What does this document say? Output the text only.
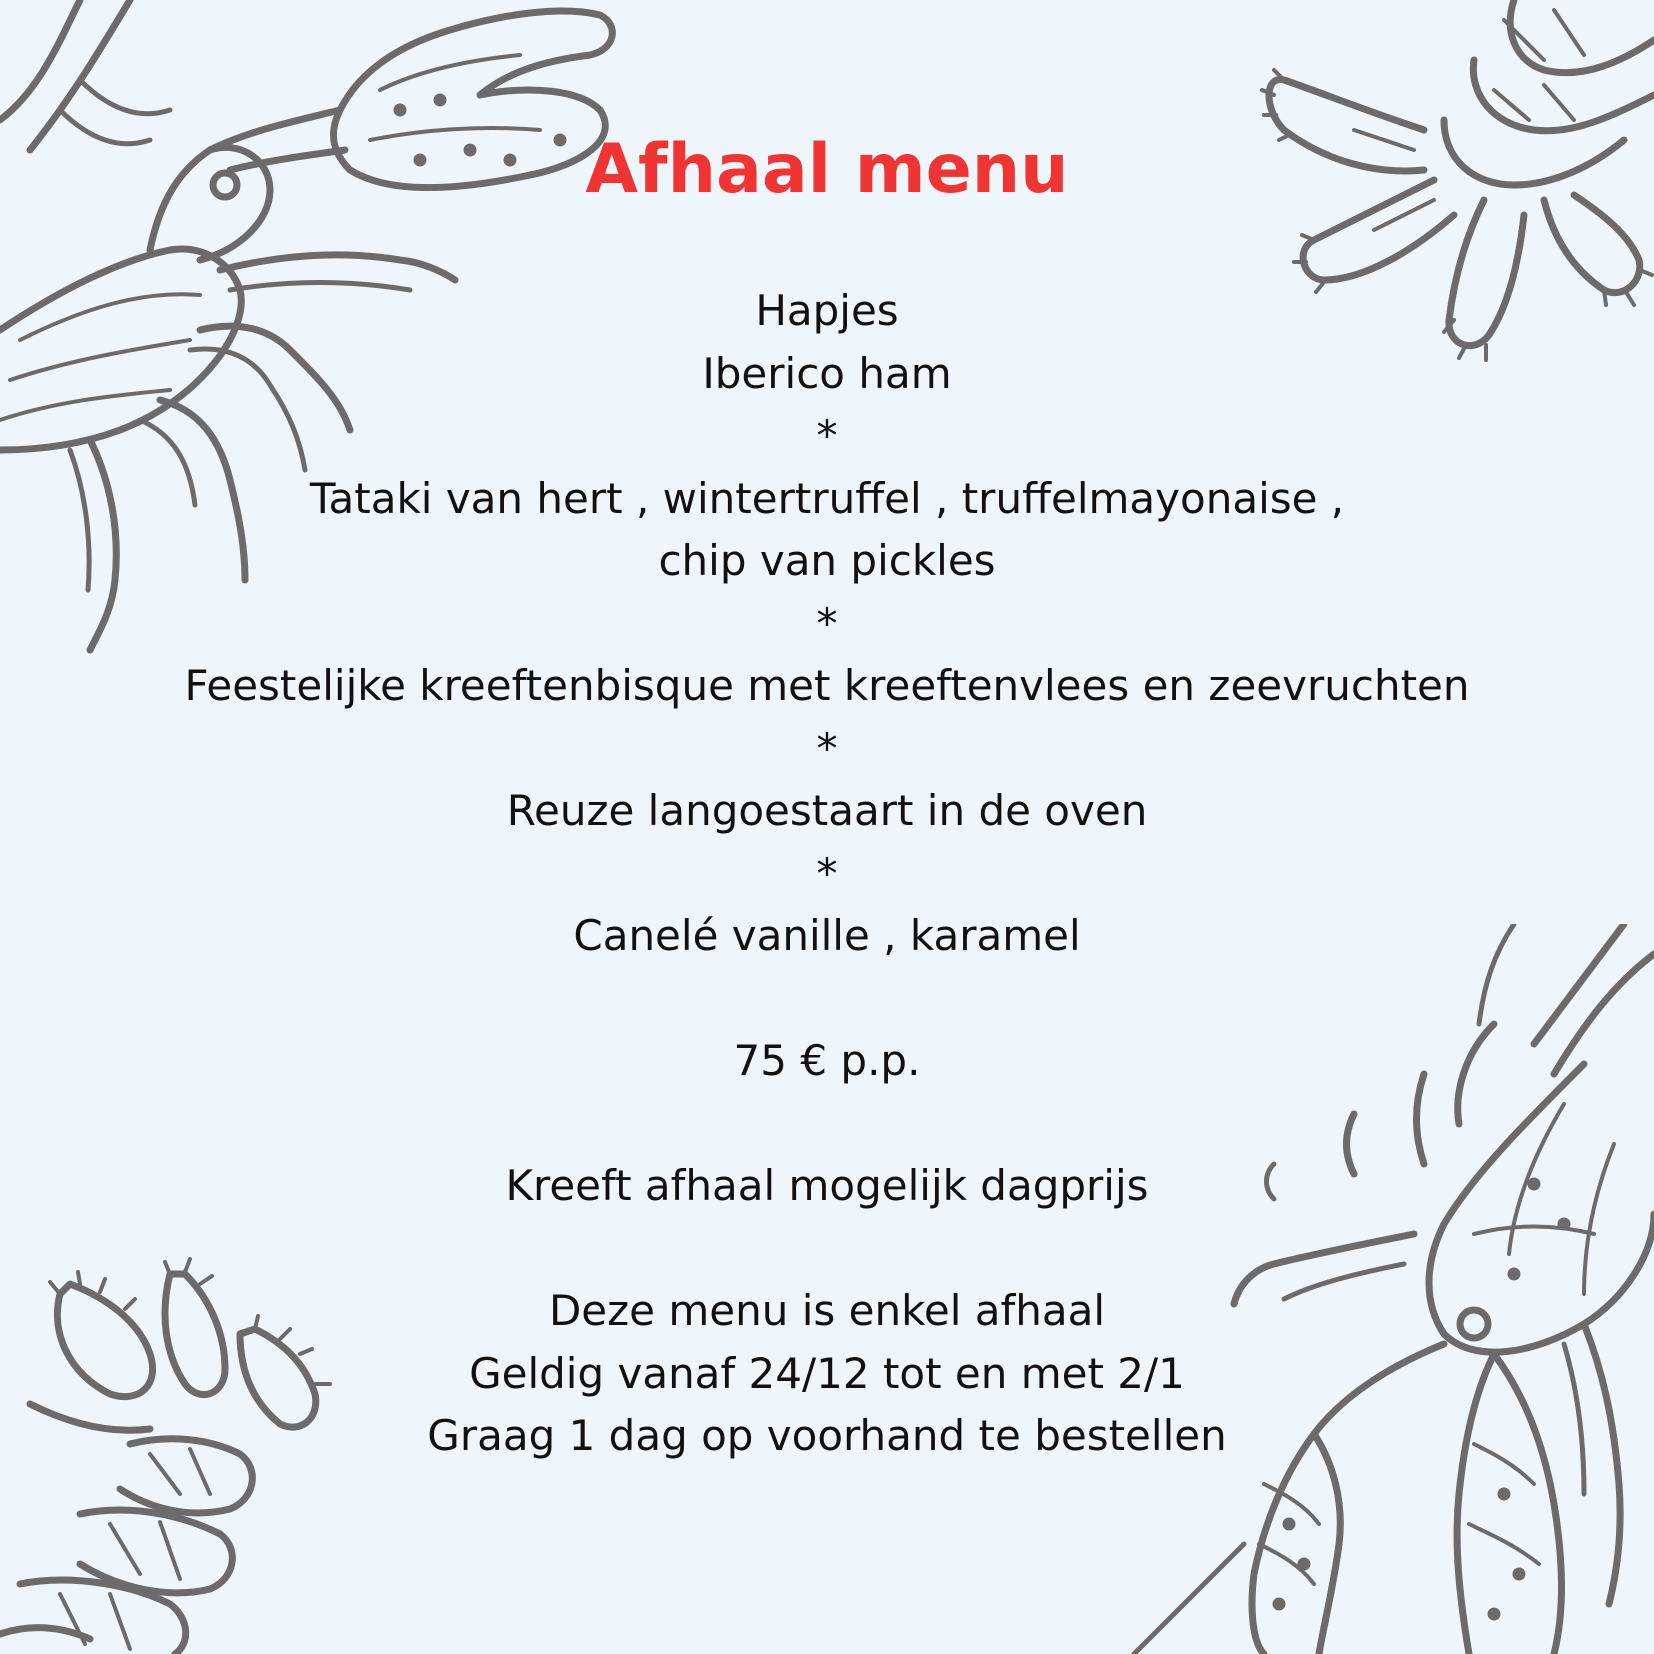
Afhaal menu
Hapjes
Iberico ham
*
Tataki van hert , wintertruffel , truffelmayonaise ,
chip van pickles
*
Feestelijke kreeftenbisque met kreeftenvlees en zeevruchten
*
Reuze langoestaart in de oven
*
Canelé vanille , karamel
75 € p.p.
Kreeft afhaal mogelijk dagprijs
Deze menu is enkel afhaal
Geldig vanaf 24/12 tot en met 2/1
Graag 1 dag op voorhand te bestellen
